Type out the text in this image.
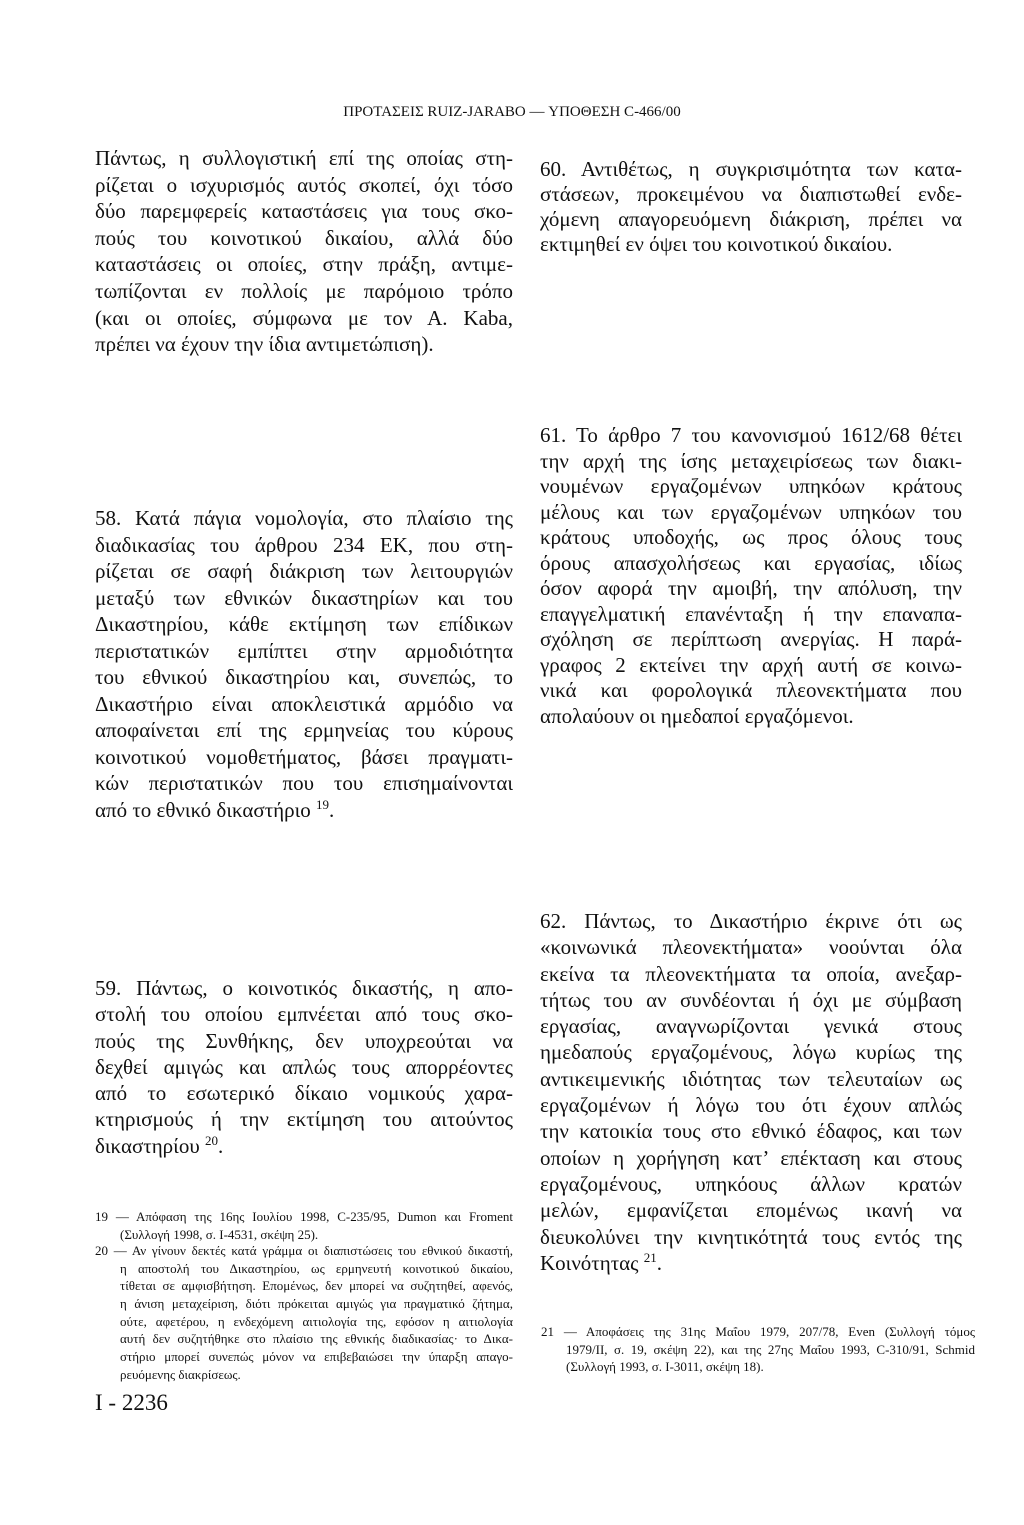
ΠΡΟΤΑΣΕΙΣ RUIZ-JARABO — ΥΠΟΘΕΣΗ C-466/00
Πάντως, η συλλογιστική επί της οποίας στη-
ρίζεται ο ισχυρισμός αυτός σκοπεί, όχι τόσο
δύο παρεμφερείς καταστάσεις για τους σκο-
πούς του κοινοτικού δικαίου, αλλά δύο
καταστάσεις οι οποίες, στην πράξη, αντιμε-
τωπίζονται εν πολλοίς με παρόμοιο τρόπο
(και οι οποίες, σύμφωνα με τον Α. Kaba,
πρέπει να έχουν την ίδια αντιμετώπιση).
58. Κατά πάγια νομολογία, στο πλαίσιο της
διαδικασίας του άρθρου 234 ΕΚ, που στη-
ρίζεται σε σαφή διάκριση των λειτουργιών
μεταξύ των εθνικών δικαστηρίων και του
Δικαστηρίου, κάθε εκτίμηση των επίδικων
περιστατικών εμπίπτει στην αρμοδιότητα
του εθνικού δικαστηρίου και, συνεπώς, το
Δικαστήριο είναι αποκλειστικά αρμόδιο να
αποφαίνεται επί της ερμηνείας του κύρους
κοινοτικού νομοθετήματος, βάσει πραγματι-
κών περιστατικών που του επισημαίνονται
από το εθνικό δικαστήριο $^{19}$.
59. Πάντως, ο κοινοτικός δικαστής, η απο-
στολή του οποίου εμπνέεται από τους σκο-
πούς της Συνθήκης, δεν υποχρεούται να
δεχθεί αμιγώς και απλώς τους απορρέοντες
από το εσωτερικό δίκαιο νομικούς χαρα-
κτηρισμούς ή την εκτίμηση του αιτούντος
δικαστηρίου $^{20}$.
19 — Απόφαση της 16ης Ιουλίου 1998, C-235/95, Dumon και Froment
(Συλλογή 1998, σ. I-4531, σκέψη 25).
20 — Αν γίνουν δεκτές κατά γράμμα οι διαπιστώσεις του εθνικού δικαστή,
η αποστολή του Δικαστηρίου, ως ερμηνευτή κοινοτικού δικαίου,
τίθεται σε αμφισβήτηση. Επομένως, δεν μπορεί να συζητηθεί, αφενός,
η άνιση μεταχείριση, διότι πρόκειται αμιγώς για πραγματικό ζήτημα,
ούτε, αφετέρου, η ενδεχόμενη αιτιολογία της, εφόσον η αιτιολογία
αυτή δεν συζητήθηκε στο πλαίσιο της εθνικής διαδικασίας· το Δικα-
στήριο μπορεί συνεπώς μόνον να επιβεβαιώσει την ύπαρξη απαγο-
ρευόμενης διακρίσεως.
I - 2236
60. Αντιθέτως, η συγκρισιμότητα των κατα-
στάσεων, προκειμένου να διαπιστωθεί ενδε-
χόμενη απαγορευόμενη διάκριση, πρέπει να
εκτιμηθεί εν όψει του κοινοτικού δικαίου.
61. Το άρθρο 7 του κανονισμού 1612/68 θέτει
την αρχή της ίσης μεταχειρίσεως των διακι-
νουμένων εργαζομένων υπηκόων κράτους
μέλους και των εργαζομένων υπηκόων του
κράτους υποδοχής, ως προς όλους τους
όρους απασχολήσεως και εργασίας, ιδίως
όσον αφορά την αμοιβή, την απόλυση, την
επαγγελματική επανένταξη ή την επαναπα-
σχόληση σε περίπτωση ανεργίας. Η παρά-
γραφος 2 εκτείνει την αρχή αυτή σε κοινω-
νικά και φορολογικά πλεονεκτήματα που
απολαύουν οι ημεδαποί εργαζόμενοι.
62. Πάντως, το Δικαστήριο έκρινε ότι ως
«κοινωνικά πλεονεκτήματα» νοούνται όλα
εκείνα τα πλεονεκτήματα τα οποία, ανεξαρ-
τήτως του αν συνδέονται ή όχι με σύμβαση
εργασίας, αναγνωρίζονται γενικά στους
ημεδαπούς εργαζομένους, λόγω κυρίως της
αντικειμενικής ιδιότητας των τελευταίων ως
εργαζομένων ή λόγω του ότι έχουν απλώς
την κατοικία τους στο εθνικό έδαφος, και των
οποίων η χορήγηση κατ’ επέκταση και στους
εργαζομένους, υπηκόους άλλων κρατών
μελών, εμφανίζεται επομένως ικανή να
διευκολύνει την κινητικότητά τους εντός της
Κοινότητας $^{21}$.
21 — Αποφάσεις της 31ης Μαΐου 1979, 207/78, Even (Συλλογή τόμος
1979/II, σ. 19, σκέψη 22), και της 27ης Μαΐου 1993, C-310/91, Schmid
(Συλλογή 1993, σ. I-3011, σκέψη 18).
